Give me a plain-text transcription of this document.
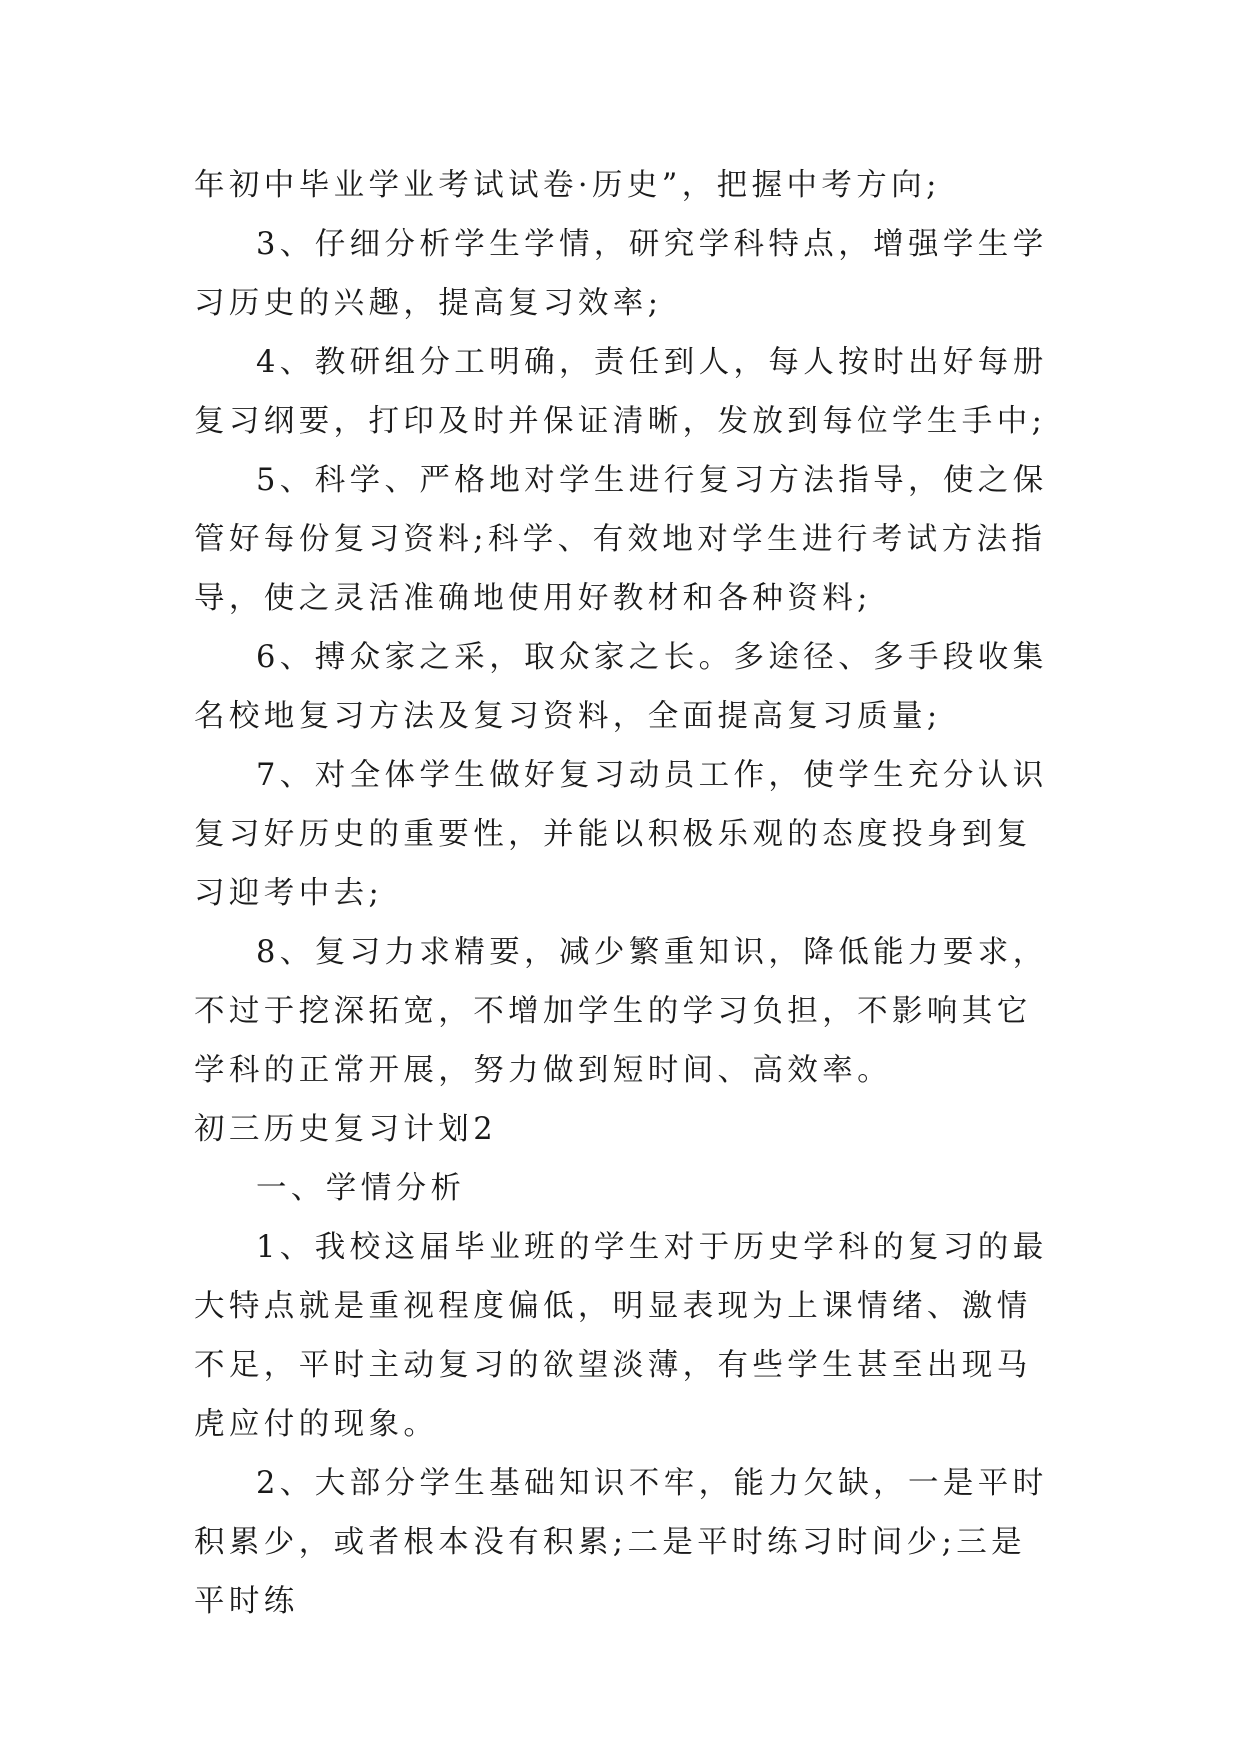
年初中毕业学业考试试卷·历史”，把握中考方向;

3、仔细分析学生学情，研究学科特点，增强学生学习历史的兴趣，提高复习效率;

4、教研组分工明确，责任到人，每人按时出好每册复习纲要，打印及时并保证清晰，发放到每位学生手中;

5、科学、严格地对学生进行复习方法指导，使之保管好每份复习资料;科学、有效地对学生进行考试方法指导，使之灵活准确地使用好教材和各种资料;

6、搏众家之采，取众家之长。多途径、多手段收集名校地复习方法及复习资料，全面提高复习质量;

7、对全体学生做好复习动员工作，使学生充分认识复习好历史的重要性，并能以积极乐观的态度投身到复习迎考中去;

8、复习力求精要，减少繁重知识，降低能力要求，不过于挖深拓宽，不增加学生的学习负担，不影响其它学科的正常开展，努力做到短时间、高效率。

初三历史复习计划2

一、学情分析

1、我校这届毕业班的学生对于历史学科的复习的最大特点就是重视程度偏低，明显表现为上课情绪、激情不足，平时主动复习的欲望淡薄，有些学生甚至出现马虎应付的现象。

2、大部分学生基础知识不牢，能力欠缺，一是平时积累少，或者根本没有积累;二是平时练习时间少;三是平时练
